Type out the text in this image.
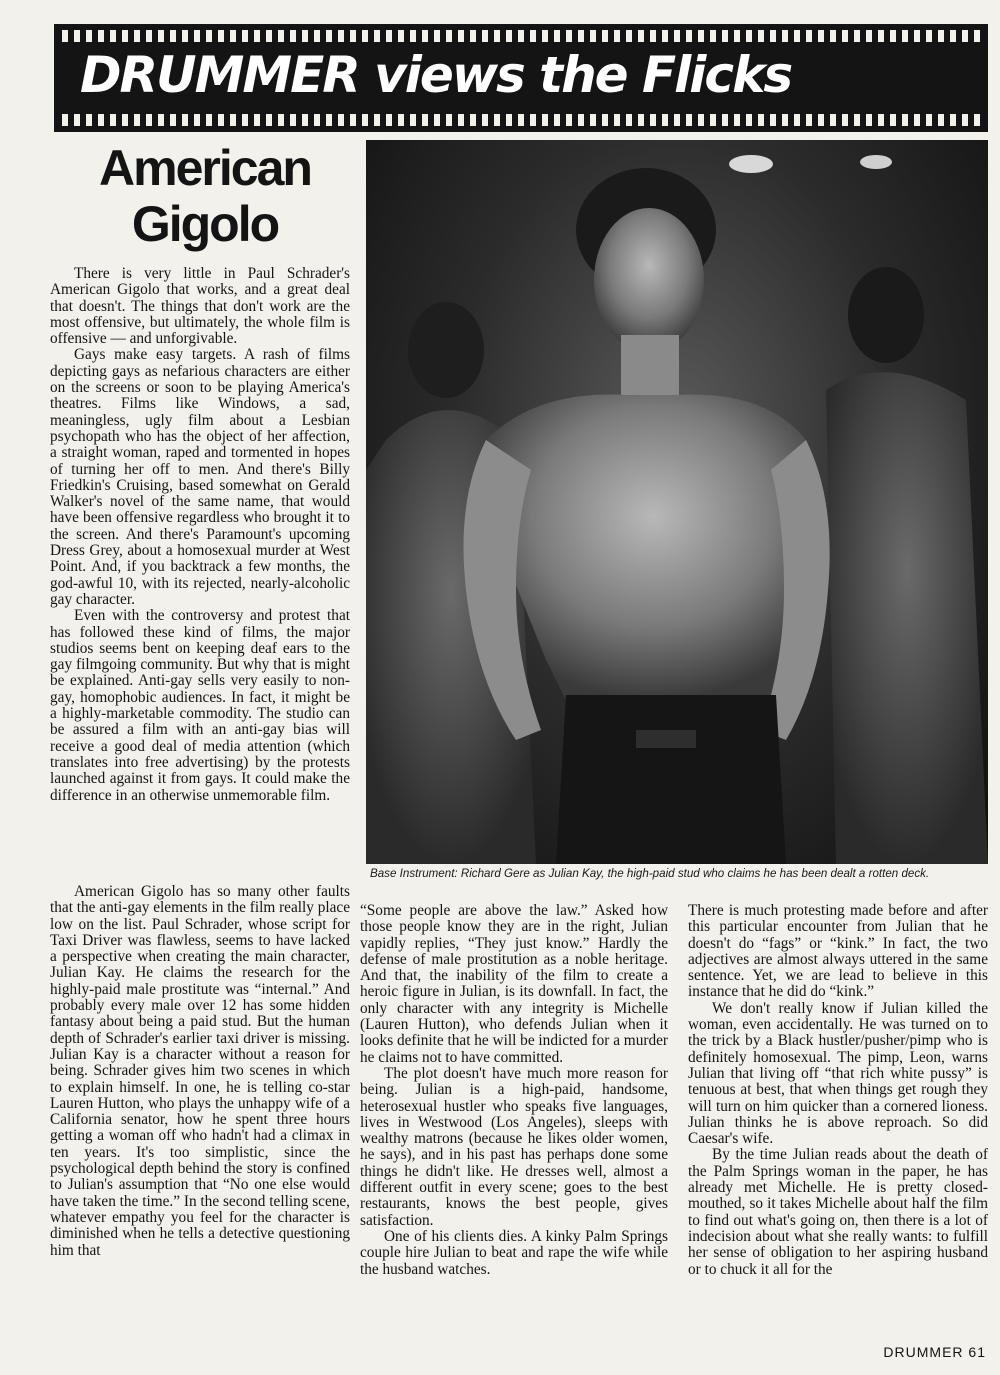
DRUMMER views the Flicks
American
Gigolo
Base Instrument: Richard Gere as Julian Kay, the high-paid stud who claims he has been dealt a rotten deck.

There is very little in Paul Schrader's American Gigolo that works, and a great deal that doesn't. The things that don't work are the most offensive, but ultimately, the whole film is offensive — and unforgivable.

Gays make easy targets. A rash of films depicting gays as nefarious characters are either on the screens or soon to be playing America's theatres. Films like Windows, a sad, meaningless, ugly film about a Lesbian psychopath who has the object of her affection, a straight woman, raped and tormented in hopes of turning her off to men. And there's Billy Friedkin's Cruising, based somewhat on Gerald Walker's novel of the same name, that would have been offensive regardless who brought it to the screen. And there's Paramount's upcoming Dress Grey, about a homosexual murder at West Point. And, if you backtrack a few months, the god-awful 10, with its rejected, nearly-alcoholic gay character.

Even with the controversy and protest that has followed these kind of films, the major studios seems bent on keeping deaf ears to the gay filmgoing community. But why that is might be explained. Anti-gay sells very easily to non-gay, homophobic audiences. In fact, it might be a highly-marketable commodity. The studio can be assured a film with an anti-gay bias will receive a good deal of media attention (which translates into free advertising) by the protests launched against it from gays. It could make the difference in an otherwise unmemorable film.

American Gigolo has so many other faults that the anti-gay elements in the film really place low on the list. Paul Schrader, whose script for Taxi Driver was flawless, seems to have lacked a perspective when creating the main character, Julian Kay. He claims the research for the highly-paid male prostitute was “internal.” And probably every male over 12 has some hidden fantasy about being a paid stud. But the human depth of Schrader's earlier taxi driver is missing. Julian Kay is a character without a reason for being. Schrader gives him two scenes in which to explain himself. In one, he is telling co-star Lauren Hutton, who plays the unhappy wife of a California senator, how he spent three hours getting a woman off who hadn't had a climax in ten years. It's too simplistic, since the psychological depth behind the story is confined to Julian's assumption that “No one else would have taken the time.” In the second telling scene, whatever empathy you feel for the character is diminished when he tells a detective questioning him that

“Some people are above the law.” Asked how those people know they are in the right, Julian vapidly replies, “They just know.” Hardly the defense of male prostitution as a noble heritage. And that, the inability of the film to create a heroic figure in Julian, is its downfall. In fact, the only character with any integrity is Michelle (Lauren Hutton), who defends Julian when it looks definite that he will be indicted for a murder he claims not to have committed.

The plot doesn't have much more reason for being. Julian is a high-paid, handsome, heterosexual hustler who speaks five languages, lives in Westwood (Los Angeles), sleeps with wealthy matrons (because he likes older women, he says), and in his past has perhaps done some things he didn't like. He dresses well, almost a different outfit in every scene; goes to the best restaurants, knows the best people, gives satisfaction.

One of his clients dies. A kinky Palm Springs couple hire Julian to beat and rape the wife while the husband watches.

There is much protesting made before and after this particular encounter from Julian that he doesn't do “fags” or “kink.” In fact, the two adjectives are almost always uttered in the same sentence. Yet, we are lead to believe in this instance that he did do “kink.”

We don't really know if Julian killed the woman, even accidentally. He was turned on to the trick by a Black hustler/pusher/pimp who is definitely homosexual. The pimp, Leon, warns Julian that living off “that rich white pussy” is tenuous at best, that when things get rough they will turn on him quicker than a cornered lioness. Julian thinks he is above reproach. So did Caesar's wife.

By the time Julian reads about the death of the Palm Springs woman in the paper, he has already met Michelle. He is pretty closed-mouthed, so it takes Michelle about half the film to find out what's going on, then there is a lot of indecision about what she really wants: to fulfill her sense of obligation to her aspiring husband or to chuck it all for the

DRUMMER 61
